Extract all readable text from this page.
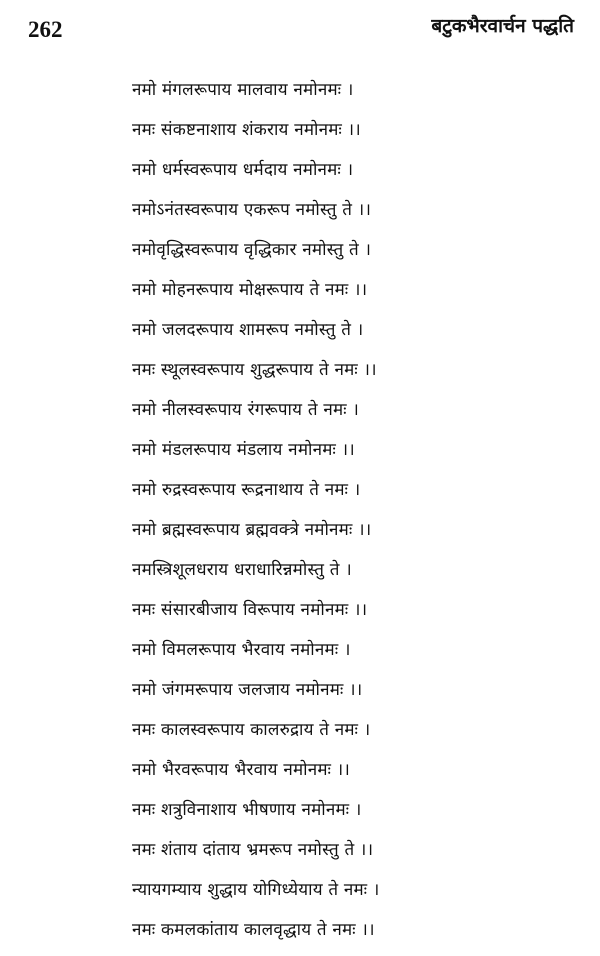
262	बटुकभैरवार्चन पद्धति
नमो मंगलरूपाय मालवाय नमोनमः ।
नमः संकष्टनाशाय शंकराय नमोनमः ।।
नमो धर्मस्वरूपाय धर्मदाय नमोनमः ।
नमोऽनंतस्वरूपाय एकरूप नमोस्तु ते ।।
नमोवृद्धिस्वरूपाय वृद्धिकार नमोस्तु ते ।
नमो मोहनरूपाय मोक्षरूपाय ते नमः ।।
नमो जलदरूपाय शामरूप नमोस्तु ते ।
नमः स्थूलस्वरूपाय शुद्धरूपाय ते नमः ।।
नमो नीलस्वरूपाय रंगरूपाय ते नमः ।
नमो मंडलरूपाय मंडलाय नमोनमः ।।
नमो रुद्रस्वरूपाय रूद्रनाथाय ते नमः ।
नमो ब्रह्मस्वरूपाय ब्रह्मवक्त्रे नमोनमः ।।
नमस्त्रिशूलधराय धराधारिन्नमोस्तु ते ।
नमः संसारबीजाय विरूपाय नमोनमः ।।
नमो विमलरूपाय भैरवाय नमोनमः ।
नमो जंगमरूपाय जलजाय नमोनमः ।।
नमः कालस्वरूपाय कालरुद्राय ते नमः ।
नमो भैरवरूपाय भैरवाय नमोनमः ।।
नमः शत्रुविनाशाय भीषणाय नमोनमः ।
नमः शंताय दांताय भ्रमरूप नमोस्तु ते ।।
न्यायगम्याय शुद्धाय योगिध्येयाय ते नमः ।
नमः कमलकांताय कालवृद्धाय ते नमः ।।
